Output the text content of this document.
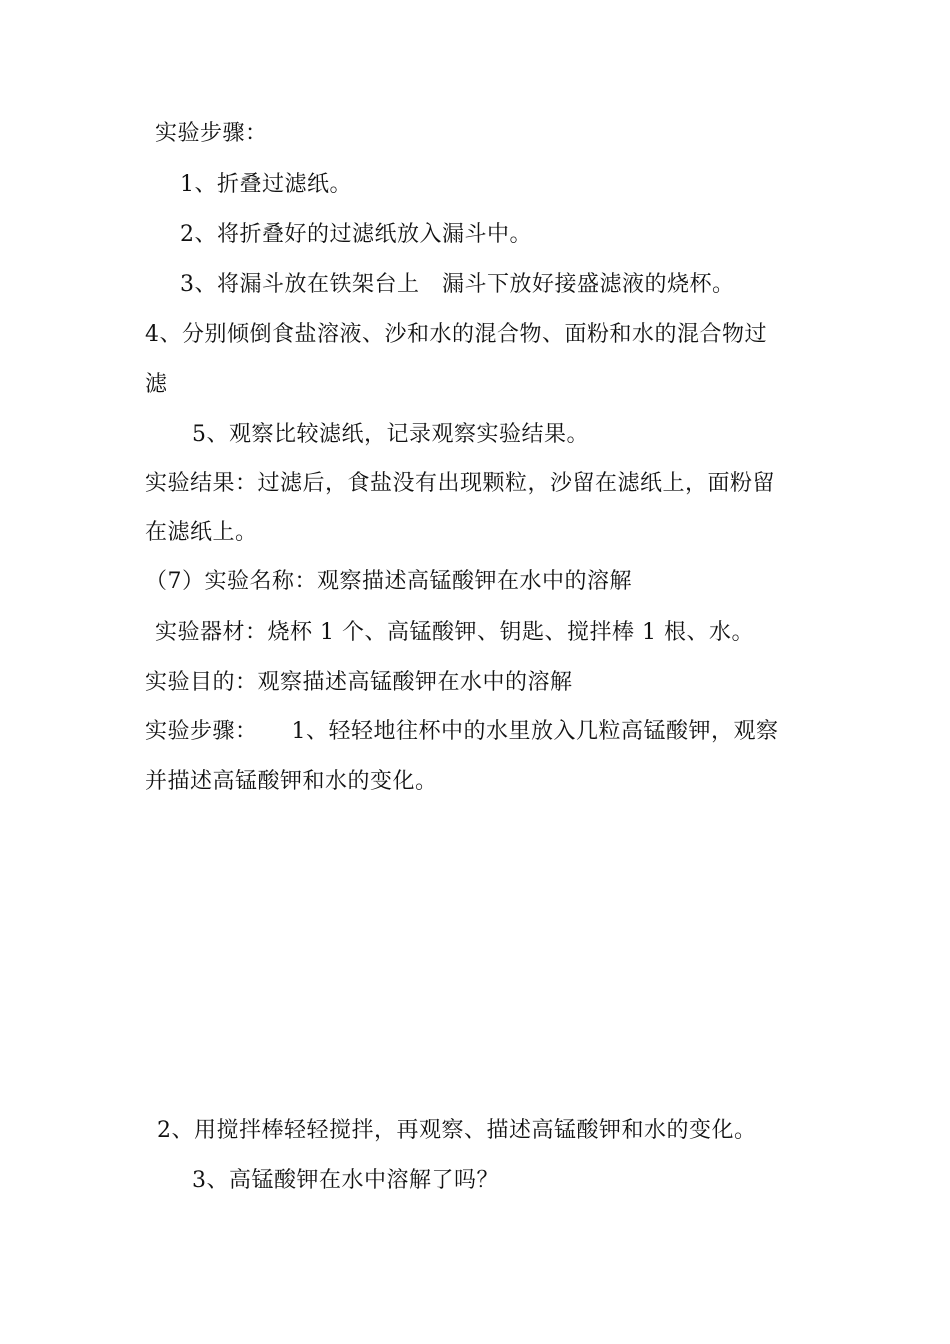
实验步骤：
1、折叠过滤纸。
2、将折叠好的过滤纸放入漏斗中。
3、将漏斗放在铁架台上　漏斗下放好接盛滤液的烧杯。
4、分别倾倒食盐溶液、沙和水的混合物、面粉和水的混合物过
滤
5、观察比较滤纸，记录观察实验结果。
实验结果：过滤后，食盐没有出现颗粒，沙留在滤纸上，面粉留
在滤纸上。
（7）实验名称：观察描述高锰酸钾在水中的溶解
实验器材：烧杯 1 个、高锰酸钾、钥匙、搅拌棒 1 根、水。
实验目的：观察描述高锰酸钾在水中的溶解
实验步骤：　　1、轻轻地往杯中的水里放入几粒高锰酸钾，观察
并描述高锰酸钾和水的变化。
2、用搅拌棒轻轻搅拌，再观察、描述高锰酸钾和水的变化。
3、高锰酸钾在水中溶解了吗？
